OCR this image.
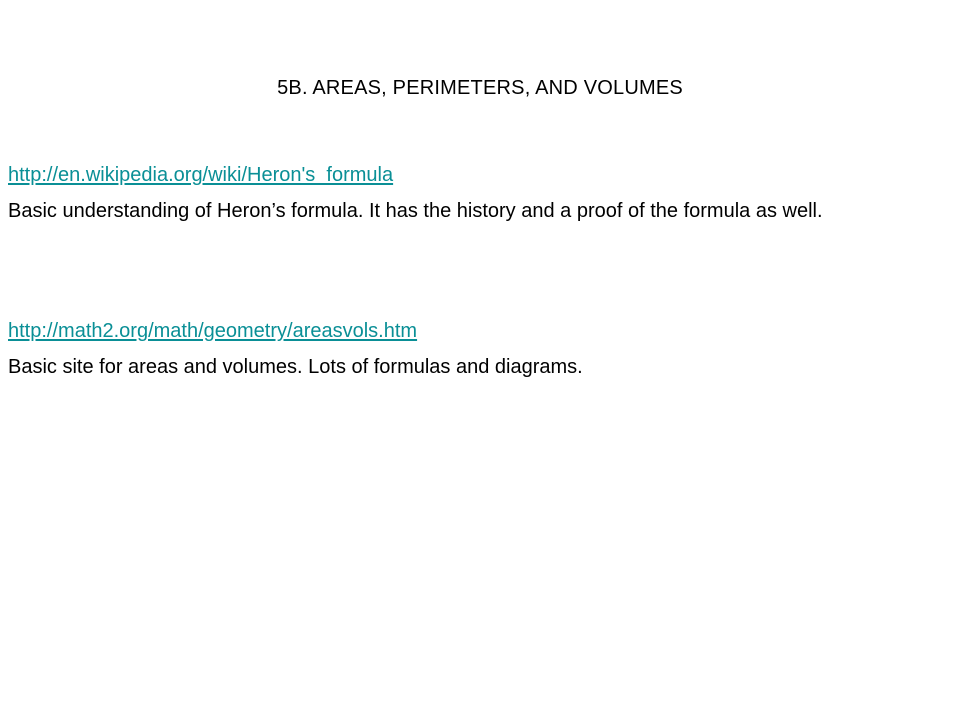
5B. AREAS, PERIMETERS, AND VOLUMES
http://en.wikipedia.org/wiki/Heron's_formula
Basic understanding of Heron’s formula. It has the history and a proof of the formula as well.
http://math2.org/math/geometry/areasvols.htm
Basic site for areas and volumes. Lots of formulas and diagrams.
